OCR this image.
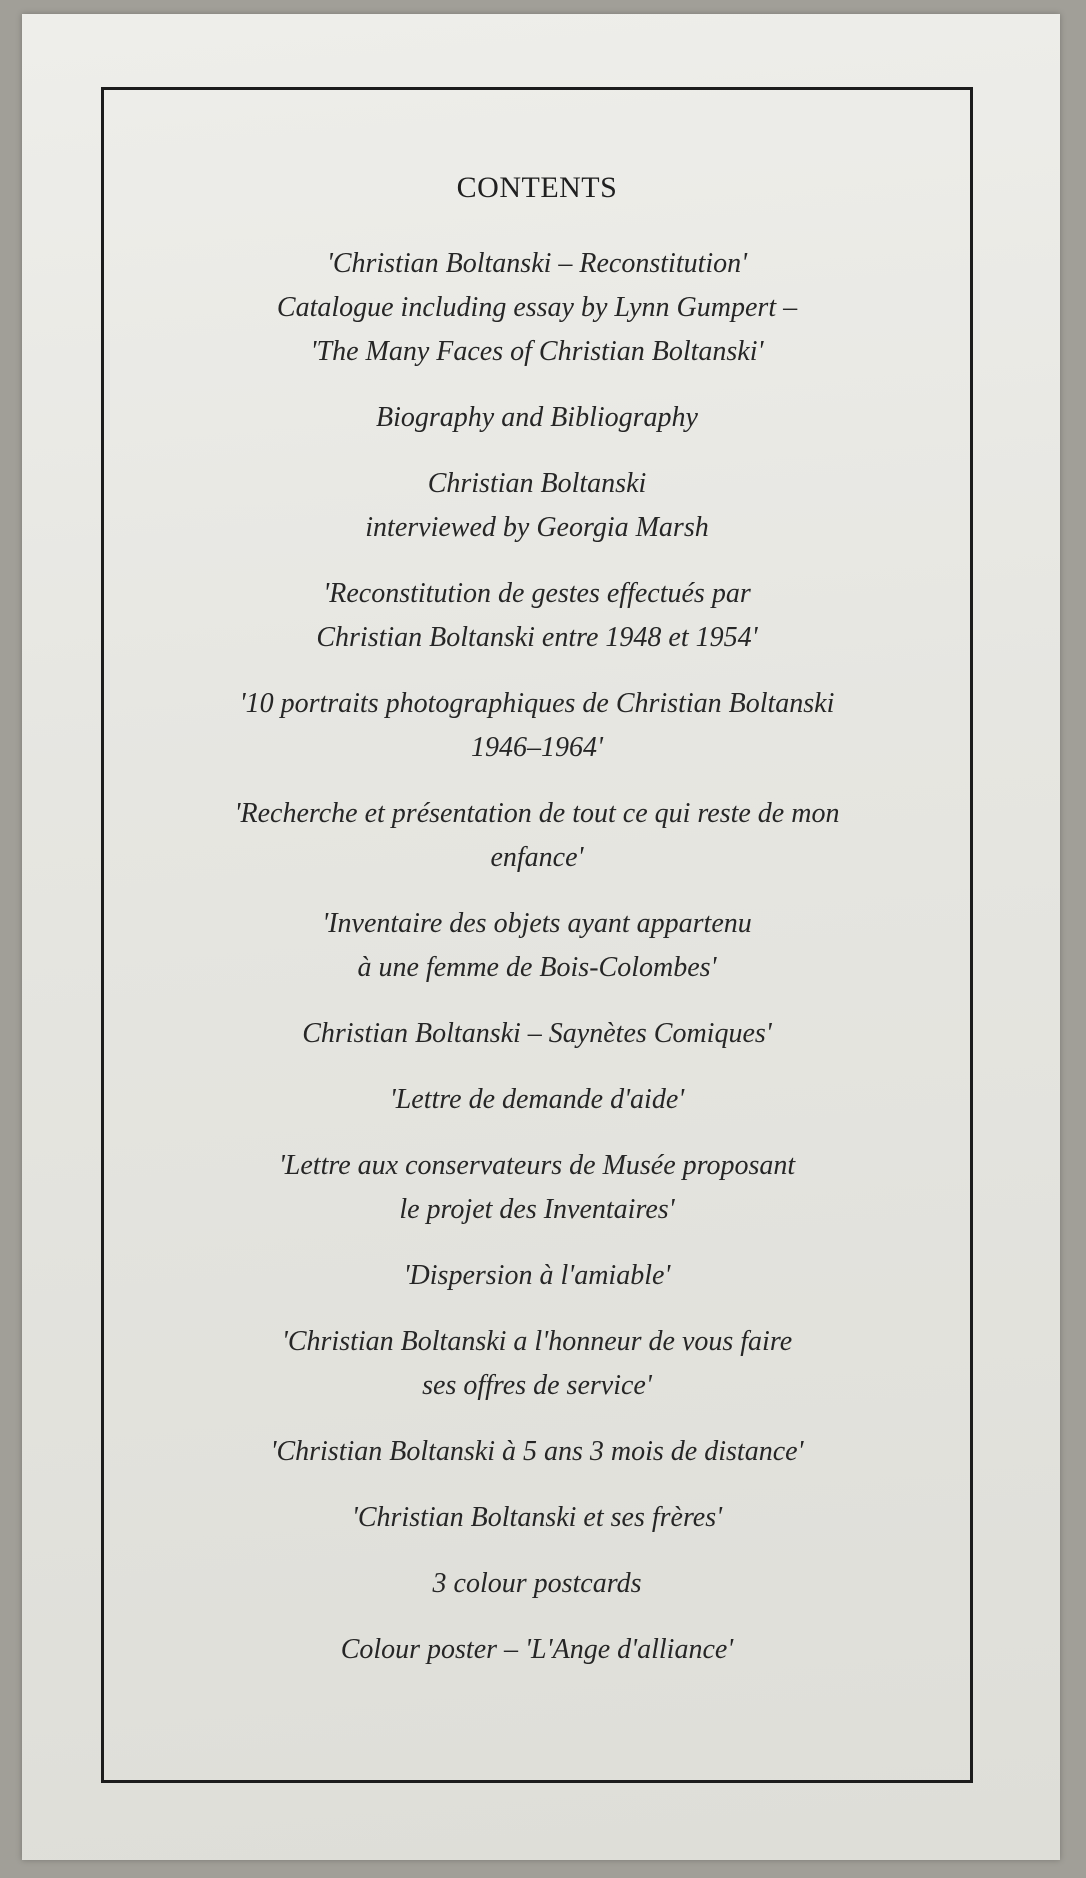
CONTENTS
'Christian Boltanski – Reconstitution'
Catalogue including essay by Lynn Gumpert –
'The Many Faces of Christian Boltanski'
Biography and Bibliography
Christian Boltanski
interviewed by Georgia Marsh
'Reconstitution de gestes effectués par
Christian Boltanski entre 1948 et 1954'
'10 portraits photographiques de Christian Boltanski
1946–1964'
'Recherche et présentation de tout ce qui reste de mon
enfance'
'Inventaire des objets ayant appartenu
à une femme de Bois-Colombes'
Christian Boltanski – Saynètes Comiques'
'Lettre de demande d'aide'
'Lettre aux conservateurs de Musée proposant
le projet des Inventaires'
'Dispersion à l'amiable'
'Christian Boltanski a l'honneur de vous faire
ses offres de service'
'Christian Boltanski à 5 ans 3 mois de distance'
'Christian Boltanski et ses frères'
3 colour postcards
Colour poster – 'L'Ange d'alliance'
